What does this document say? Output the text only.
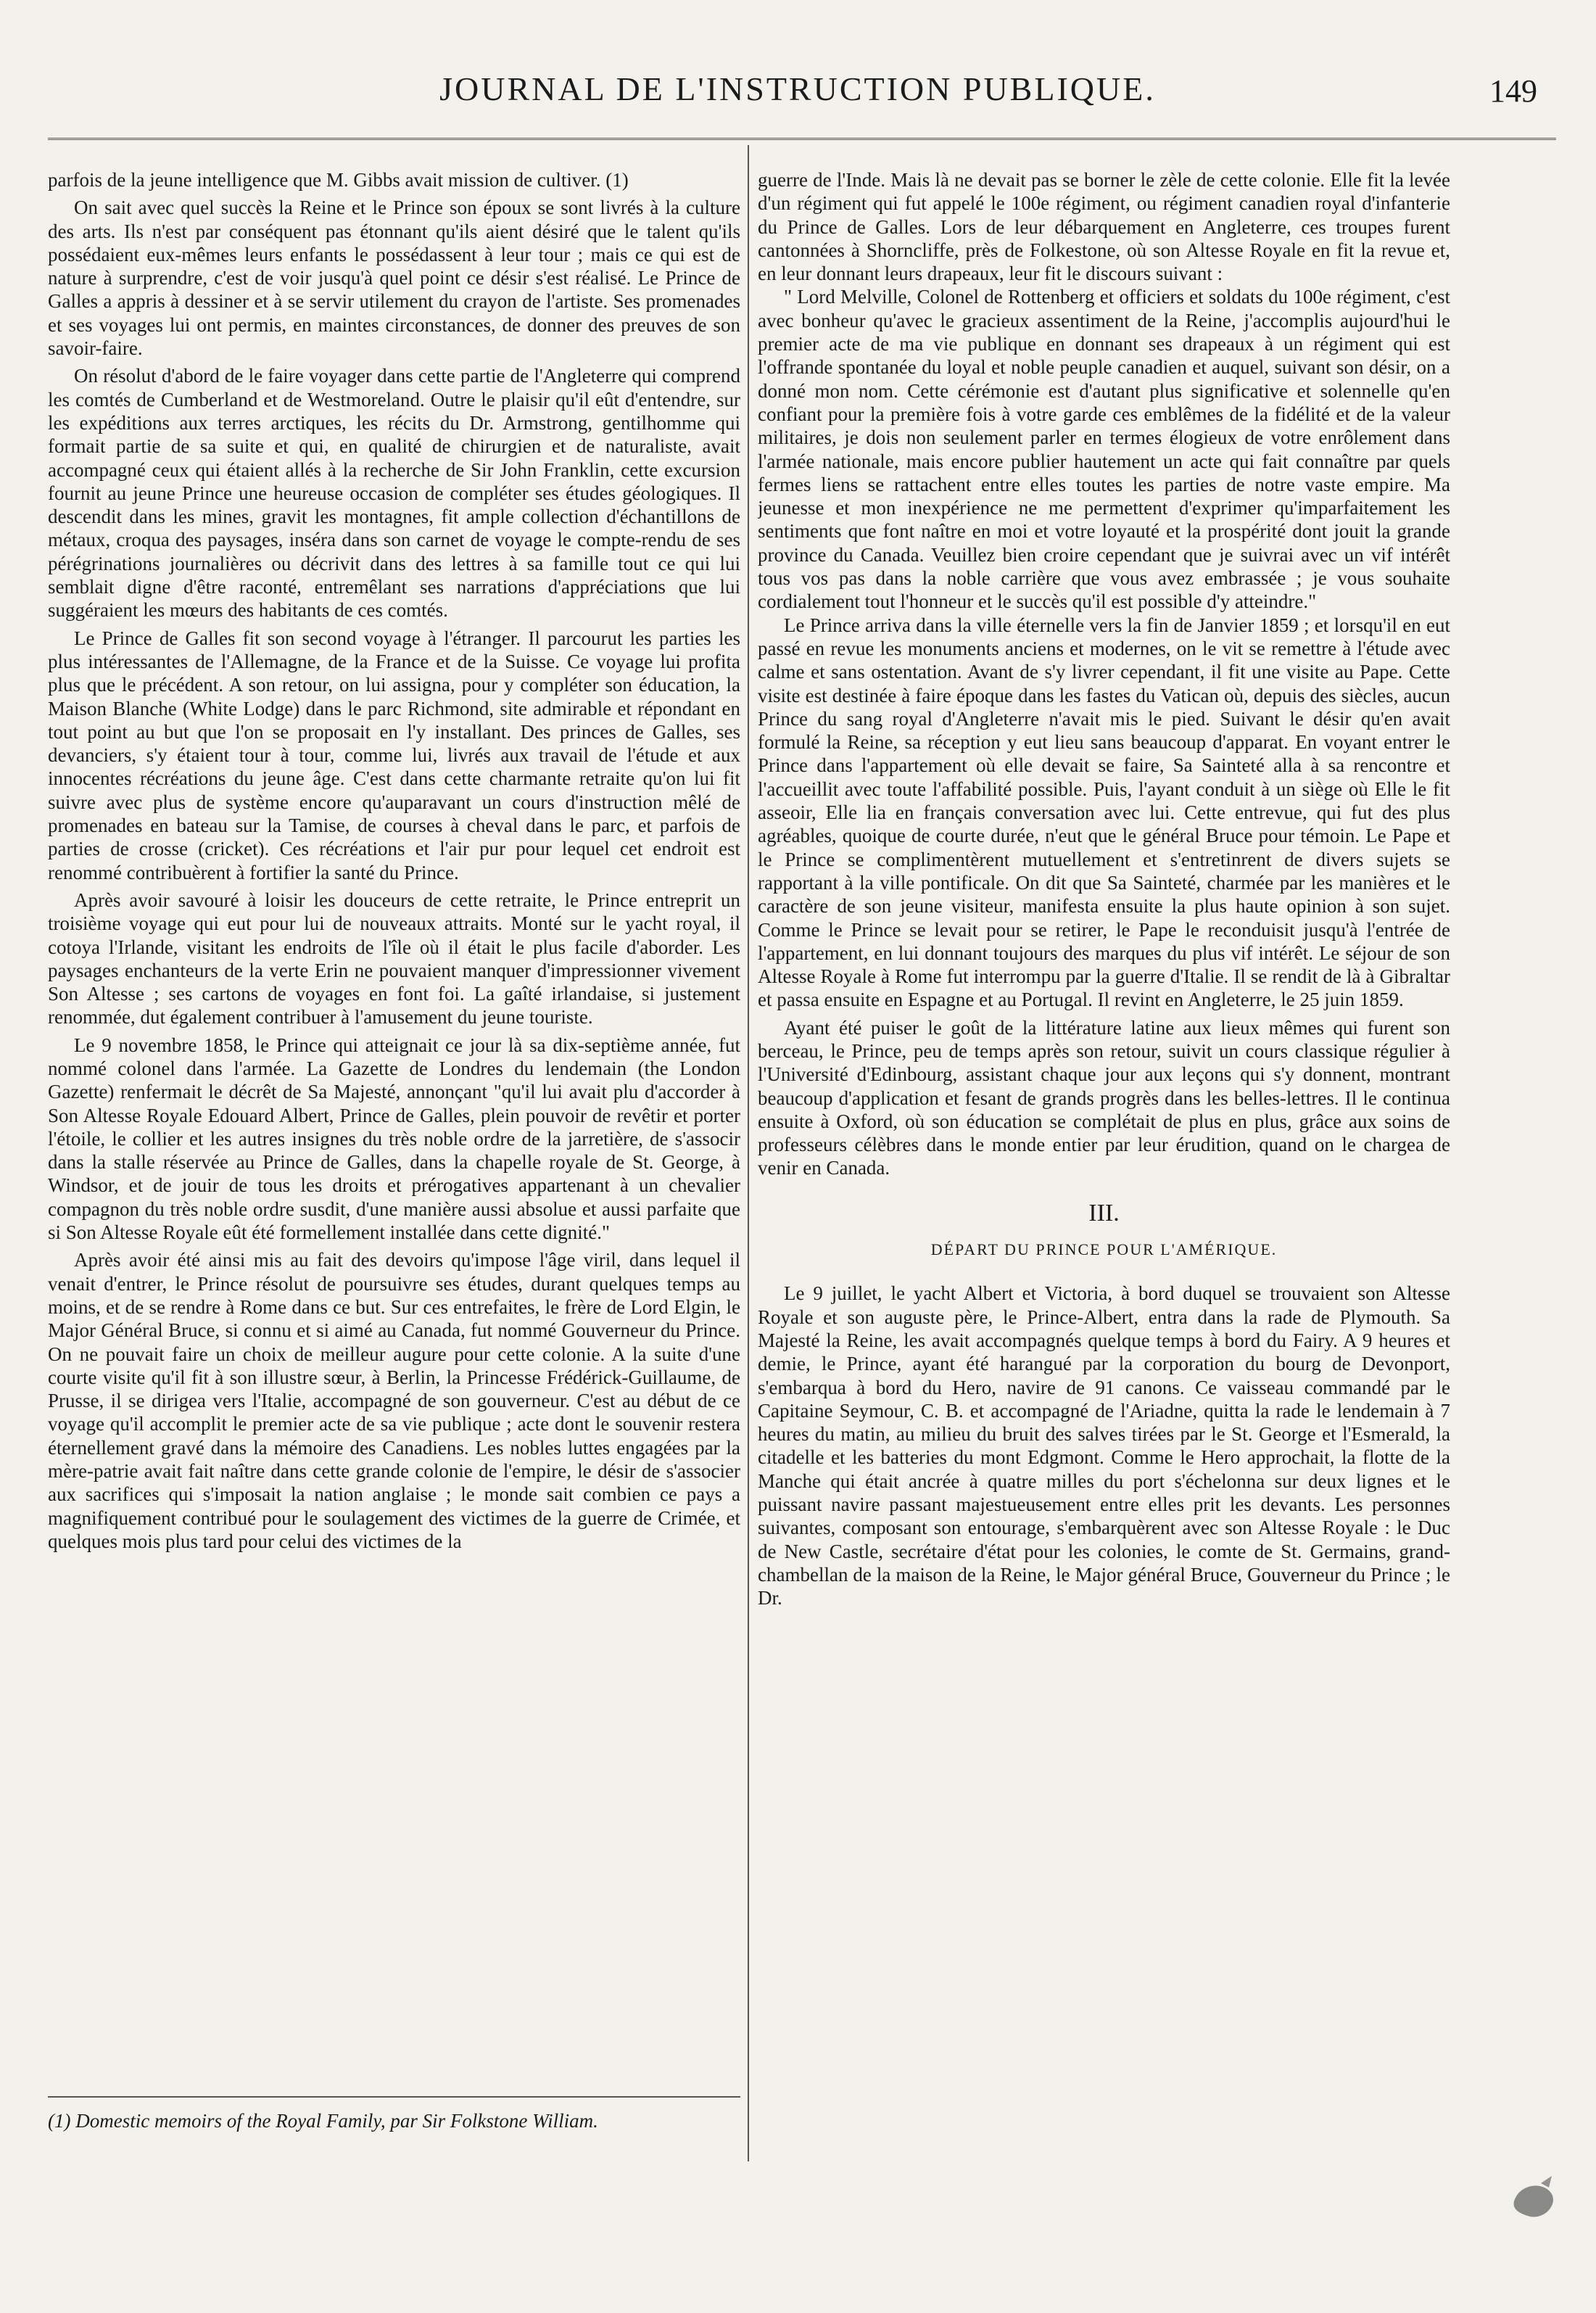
JOURNAL DE L'INSTRUCTION PUBLIQUE.	149

parfois de la jeune intelligence que M. Gibbs avait mission de cultiver. (1)

On sait avec quel succès la Reine et le Prince son époux se sont livrés à la culture des arts. Ils n'est par conséquent pas étonnant qu'ils aient désiré que le talent qu'ils possédaient eux-mêmes leurs enfants le possédassent à leur tour ; mais ce qui est de nature à surprendre, c'est de voir jusqu'à quel point ce désir s'est réalisé. Le Prince de Galles a appris à dessiner et à se servir utilement du crayon de l'artiste. Ses promenades et ses voyages lui ont permis, en maintes circonstances, de donner des preuves de son savoir-faire.

On résolut d'abord de le faire voyager dans cette partie de l'Angleterre qui comprend les comtés de Cumberland et de Westmoreland. Outre le plaisir qu'il eût d'entendre, sur les expéditions aux terres arctiques, les récits du Dr. Armstrong, gentilhomme qui formait partie de sa suite et qui, en qualité de chirurgien et de naturaliste, avait accompagné ceux qui étaient allés à la recherche de Sir John Franklin, cette excursion fournit au jeune Prince une heureuse occasion de compléter ses études géologiques. Il descendit dans les mines, gravit les montagnes, fit ample collection d'échantillons de métaux, croqua des paysages, inséra dans son carnet de voyage le compte-rendu de ses pérégrinations journalières ou décrivit dans des lettres à sa famille tout ce qui lui semblait digne d'être raconté, entremêlant ses narrations d'appréciations que lui suggéraient les mœurs des habitants de ces comtés.

Le Prince de Galles fit son second voyage à l'étranger. Il parcourut les parties les plus intéressantes de l'Allemagne, de la France et de la Suisse. Ce voyage lui profita plus que le précédent. A son retour, on lui assigna, pour y compléter son éducation, la Maison Blanche (White Lodge) dans le parc Richmond, site admirable et répondant en tout point au but que l'on se proposait en l'y installant. Des princes de Galles, ses devanciers, s'y étaient tour à tour, comme lui, livrés aux travail de l'étude et aux innocentes récréations du jeune âge. C'est dans cette charmante retraite qu'on lui fit suivre avec plus de système encore qu'auparavant un cours d'instruction mêlé de promenades en bateau sur la Tamise, de courses à cheval dans le parc, et parfois de parties de crosse (cricket). Ces récréations et l'air pur pour lequel cet endroit est renommé contribuèrent à fortifier la santé du Prince.

Après avoir savouré à loisir les douceurs de cette retraite, le Prince entreprit un troisième voyage qui eut pour lui de nouveaux attraits. Monté sur le yacht royal, il cotoya l'Irlande, visitant les endroits de l'île où il était le plus facile d'aborder. Les paysages enchanteurs de la verte Erin ne pouvaient manquer d'impressionner vivement Son Altesse ; ses cartons de voyages en font foi. La gaîté irlandaise, si justement renommée, dut également contribuer à l'amusement du jeune touriste.

Le 9 novembre 1858, le Prince qui atteignait ce jour là sa dix-septième année, fut nommé colonel dans l'armée. La Gazette de Londres du lendemain (the London Gazette) renfermait le décrêt de Sa Majesté, annonçant "qu'il lui avait plu d'accorder à Son Altesse Royale Edouard Albert, Prince de Galles, plein pouvoir de revêtir et porter l'étoile, le collier et les autres insignes du très noble ordre de la jarretière, de s'associr dans la stalle réservée au Prince de Galles, dans la chapelle royale de St. George, à Windsor, et de jouir de tous les droits et prérogatives appartenant à un chevalier compagnon du très noble ordre susdit, d'une manière aussi absolue et aussi parfaite que si Son Altesse Royale eût été formellement installée dans cette dignité."

Après avoir été ainsi mis au fait des devoirs qu'impose l'âge viril, dans lequel il venait d'entrer, le Prince résolut de poursuivre ses études, durant quelques temps au moins, et de se rendre à Rome dans ce but. Sur ces entrefaites, le frère de Lord Elgin, le Major Général Bruce, si connu et si aimé au Canada, fut nommé Gouverneur du Prince. On ne pouvait faire un choix de meilleur augure pour cette colonie. A la suite d'une courte visite qu'il fit à son illustre sœur, à Berlin, la Princesse Frédérick-Guillaume, de Prusse, il se dirigea vers l'Italie, accompagné de son gouverneur. C'est au début de ce voyage qu'il accomplit le premier acte de sa vie publique ; acte dont le souvenir restera éternellement gravé dans la mémoire des Canadiens. Les nobles luttes engagées par la mère-patrie avait fait naître dans cette grande colonie de l'empire, le désir de s'associer aux sacrifices qui s'imposait la nation anglaise ; le monde sait combien ce pays a magnifiquement contribué pour le soulagement des victimes de la guerre de Crimée, et quelques mois plus tard pour celui des victimes de la

(1) Domestic memoirs of the Royal Family, par Sir Folkstone William.

guerre de l'Inde. Mais là ne devait pas se borner le zèle de cette colonie. Elle fit la levée d'un régiment qui fut appelé le 100e régiment, ou régiment canadien royal d'infanterie du Prince de Galles. Lors de leur débarquement en Angleterre, ces troupes furent cantonnées à Shorncliffe, près de Folkestone, où son Altesse Royale en fit la revue et, en leur donnant leurs drapeaux, leur fit le discours suivant :

" Lord Melville, Colonel de Rottenberg et officiers et soldats du 100e régiment, c'est avec bonheur qu'avec le gracieux assentiment de la Reine, j'accomplis aujourd'hui le premier acte de ma vie publique en donnant ses drapeaux à un régiment qui est l'offrande spontanée du loyal et noble peuple canadien et auquel, suivant son désir, on a donné mon nom. Cette cérémonie est d'autant plus significative et solennelle qu'en confiant pour la première fois à votre garde ces emblêmes de la fidélité et de la valeur militaires, je dois non seulement parler en termes élogieux de votre enrôlement dans l'armée nationale, mais encore publier hautement un acte qui fait connaître par quels fermes liens se rattachent entre elles toutes les parties de notre vaste empire. Ma jeunesse et mon inexpérience ne me permettent d'exprimer qu'imparfaitement les sentiments que font naître en moi et votre loyauté et la prospérité dont jouit la grande province du Canada. Veuillez bien croire cependant que je suivrai avec un vif intérêt tous vos pas dans la noble carrière que vous avez embrassée ; je vous souhaite cordialement tout l'honneur et le succès qu'il est possible d'y atteindre."

Le Prince arriva dans la ville éternelle vers la fin de Janvier 1859 ; et lorsqu'il en eut passé en revue les monuments anciens et modernes, on le vit se remettre à l'étude avec calme et sans ostentation. Avant de s'y livrer cependant, il fit une visite au Pape. Cette visite est destinée à faire époque dans les fastes du Vatican où, depuis des siècles, aucun Prince du sang royal d'Angleterre n'avait mis le pied. Suivant le désir qu'en avait formulé la Reine, sa réception y eut lieu sans beaucoup d'apparat. En voyant entrer le Prince dans l'appartement où elle devait se faire, Sa Sainteté alla à sa rencontre et l'accueillit avec toute l'affabilité possible. Puis, l'ayant conduit à un siège où Elle le fit asseoir, Elle lia en français conversation avec lui. Cette entrevue, qui fut des plus agréables, quoique de courte durée, n'eut que le général Bruce pour témoin. Le Pape et le Prince se complimentèrent mutuellement et s'entretinrent de divers sujets se rapportant à la ville pontificale. On dit que Sa Sainteté, charmée par les manières et le caractère de son jeune visiteur, manifesta ensuite la plus haute opinion à son sujet. Comme le Prince se levait pour se retirer, le Pape le reconduisit jusqu'à l'entrée de l'appartement, en lui donnant toujours des marques du plus vif intérêt. Le séjour de son Altesse Royale à Rome fut interrompu par la guerre d'Italie. Il se rendit de là à Gibraltar et passa ensuite en Espagne et au Portugal. Il revint en Angleterre, le 25 juin 1859.

Ayant été puiser le goût de la littérature latine aux lieux mêmes qui furent son berceau, le Prince, peu de temps après son retour, suivit un cours classique régulier à l'Université d'Edinbourg, assistant chaque jour aux leçons qui s'y donnent, montrant beaucoup d'application et fesant de grands progrès dans les belles-lettres. Il le continua ensuite à Oxford, où son éducation se complétait de plus en plus, grâce aux soins de professeurs célèbres dans le monde entier par leur érudition, quand on le chargea de venir en Canada.

III.
DÉPART DU PRINCE POUR L'AMÉRIQUE.

Le 9 juillet, le yacht Albert et Victoria, à bord duquel se trouvaient son Altesse Royale et son auguste père, le Prince-Albert, entra dans la rade de Plymouth. Sa Majesté la Reine, les avait accompagnés quelque temps à bord du Fairy. A 9 heures et demie, le Prince, ayant été harangué par la corporation du bourg de Devonport, s'embarqua à bord du Hero, navire de 91 canons. Ce vaisseau commandé par le Capitaine Seymour, C. B. et accompagné de l'Ariadne, quitta la rade le lendemain à 7 heures du matin, au milieu du bruit des salves tirées par le St. George et l'Esmerald, la citadelle et les batteries du mont Edgmont. Comme le Hero approchait, la flotte de la Manche qui était ancrée à quatre milles du port s'échelonna sur deux lignes et le puissant navire passant majestueusement entre elles prit les devants. Les personnes suivantes, composant son entourage, s'embarquèrent avec son Altesse Royale : le Duc de New Castle, secrétaire d'état pour les colonies, le comte de St. Germains, grand-chambellan de la maison de la Reine, le Major général Bruce, Gouverneur du Prince ; le Dr.
